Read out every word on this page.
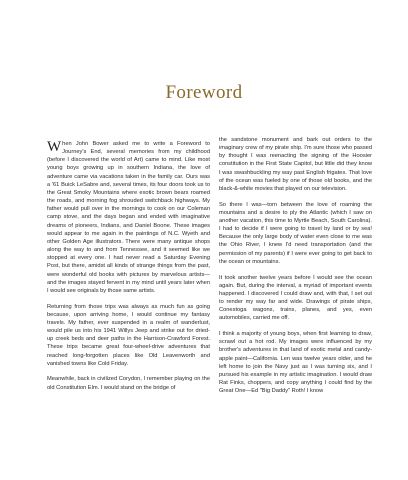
Foreword

When John Bower asked me to write a Foreword to Journey's End, several memories from my childhood (before I discovered the world of Art) came to mind. Like most young boys growing up in southern Indiana, the love of adventure came via vacations taken in the family car. Ours was a '61 Buick LeSabre and, several times, its four doors took us to the Great Smoky Mountains where exotic brown bears roamed the roads, and morning fog shrouded switchback highways. My father would pull over in the mornings to cook on our Coleman camp stove, and the days began and ended with imaginative dreams of pioneers, Indians, and Daniel Boone. These images would appear to me again in the paintings of N.C. Wyeth and other Golden Age illustrators. There were many antique shops along the way to and from Tennessee, and it seemed like we stopped at every one. I had never read a Saturday Evening Post, but there, amidst all kinds of strange things from the past, were wonderful old books with pictures by marvelous artists—and the images stayed fervent in my mind until years later when I would see originals by those same artists.

Returning from those trips was always as much fun as going because, upon arriving home, I would continue my fantasy travels. My father, ever suspended in a realm of wanderlust, would pile us into his 1941 Willys Jeep and strike out for dried-up creek beds and deer paths in the Harrison-Crawford Forest. These trips became great four-wheel-drive adventures that reached long-forgotten places like Old Leavenworth and vanished towns like Cold Friday.

Meanwhile, back in civilized Corydon, I remember playing on the old Constitution Elm. I would stand on the bridge of

the sandstone monument and bark out orders to the imaginary crew of my pirate ship. I'm sure those who passed by thought I was reenacting the signing of the Hoosier constitution in the First State Capitol, but little did they know I was swashbuckling my way past English frigates. That love of the ocean was fueled by one of those old books, and the black-&-white movies that played on our television.

So there I was—torn between the love of roaming the mountains and a desire to ply the Atlantic (which I saw on another vacation, this time to Myrtle Beach, South Carolina). I had to decide if I were going to travel by land or by sea! Because the only large body of water even close to me was the Ohio River, I knew I'd need transportation (and the permission of my parents) if I were ever going to get back to the ocean or mountains.

It took another twelve years before I would see the ocean again. But, during the interval, a myriad of important events happened. I discovered I could draw and, with that, I set out to render my way far and wide. Drawings of pirate ships, Conestoga wagons, trains, planes, and yes, even automobiles, carried me off.

I think a majority of young boys, when first learning to draw, scrawl out a hot rod. My images were influenced by my brother's adventures in that land of exotic metal and candy-apple paint—California. Len was twelve years older, and he left home to join the Navy just as I was turning six, and I pursued his example in my artistic imagination. I would draw Rat Finks, choppers, and copy anything I could find by the Great One—Ed "Big Daddy" Roth! I know
